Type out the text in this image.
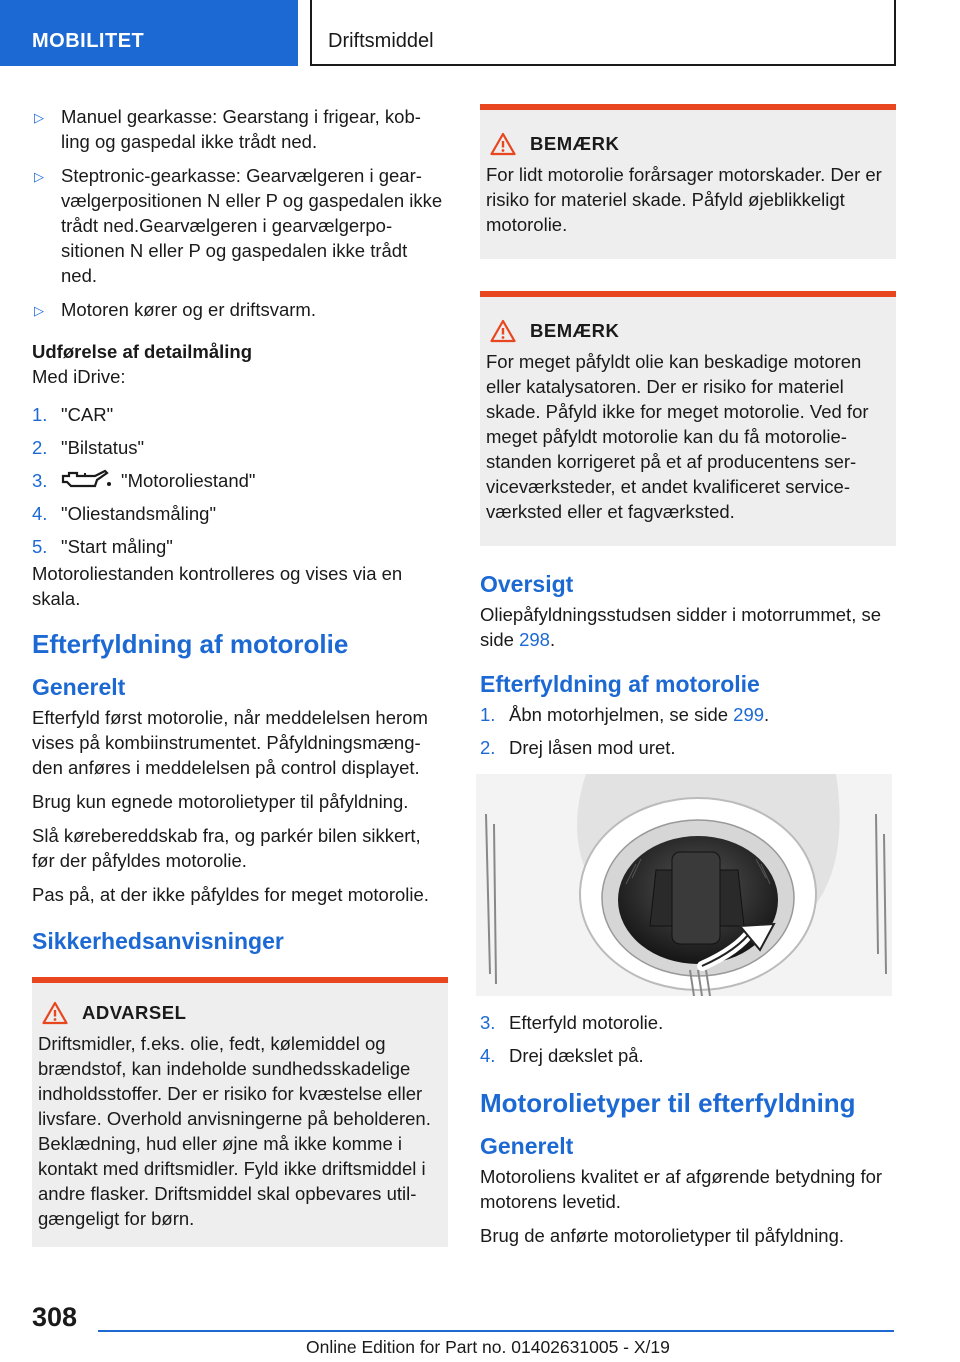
MOBILITET	Driftsmiddel
▷ Manuel gearkasse: Gearstang i frigear, kob-ling og gaspedal ikke trådt ned.
▷ Steptronic-gearkasse: Gearvælgeren i gear-vælgerpositionen N eller P og gaspedalen ikke trådt ned.Gearvælgeren i gearvælgerpo-sitionen N eller P og gaspedalen ikke trådt ned.
▷ Motoren kører og er driftsvarm.
Udførelse af detailmåling

Med iDrive:

1. "CAR"
2. "Bilstatus"
3.	"Motoroliestand"
4. "Oliestandsmåling"
5. "Start måling"

Motoroliestanden kontrolleres og vises via en skala.

Efterfyldning af motorolie
Generelt

Efterfyld først motorolie, når meddelelsen herom vises på kombiinstrumentet. Påfyldningsmæng-den anføres i meddelelsen på control displayet.

Brug kun egnede motorolietyper til påfyldning.

Slå kørebereddskab fra, og parkér bilen sikkert, før der påfyldes motorolie.

Pas på, at der ikke påfyldes for meget motorolie.

Sikkerhedsanvisninger
ADVARSEL

Driftsmidler, f.eks. olie, fedt, kølemiddel og brændstof, kan indeholde sundhedsskadelige indholdsstoffer. Der er risiko for kvæstelse eller livsfare. Overhold anvisningerne på beholderen. Beklædning, hud eller øjne må ikke komme i kontakt med driftsmidler. Fyld ikke driftsmiddel i andre flasker. Driftsmiddel skal opbevares util-gængeligt for børn.

BEMÆRK

For lidt motorolie forårsager motorskader. Der er risiko for materiel skade. Påfyld øjeblikkeligt motorolie.

BEMÆRK

For meget påfyldt olie kan beskadige motoren eller katalysatoren. Der er risiko for materiel skade. Påfyld ikke for meget motorolie. Ved for meget påfyldt motorolie kan du få motorolie-standen korrigeret på et af producentens ser-viceværksteder, et andet kvalificeret service-værksted eller et fagværksted.

Oversigt

Oliepåfyldningsstudsen sidder i motorrummet, se side 298.

Efterfyldning af motorolie
1. Åbn motorhjelmen, se side 299.
2. Drej låsen mod uret.
3. Efterfyld motorolie.
4. Drej dækslet på.
Motorolietyper til efterfyldning
Generelt

Motoroliens kvalitet er af afgørende betydning for motorens levetid.

Brug de anførte motorolietyper til påfyldning.

308
Online Edition for Part no. 01402631005 - X/19
